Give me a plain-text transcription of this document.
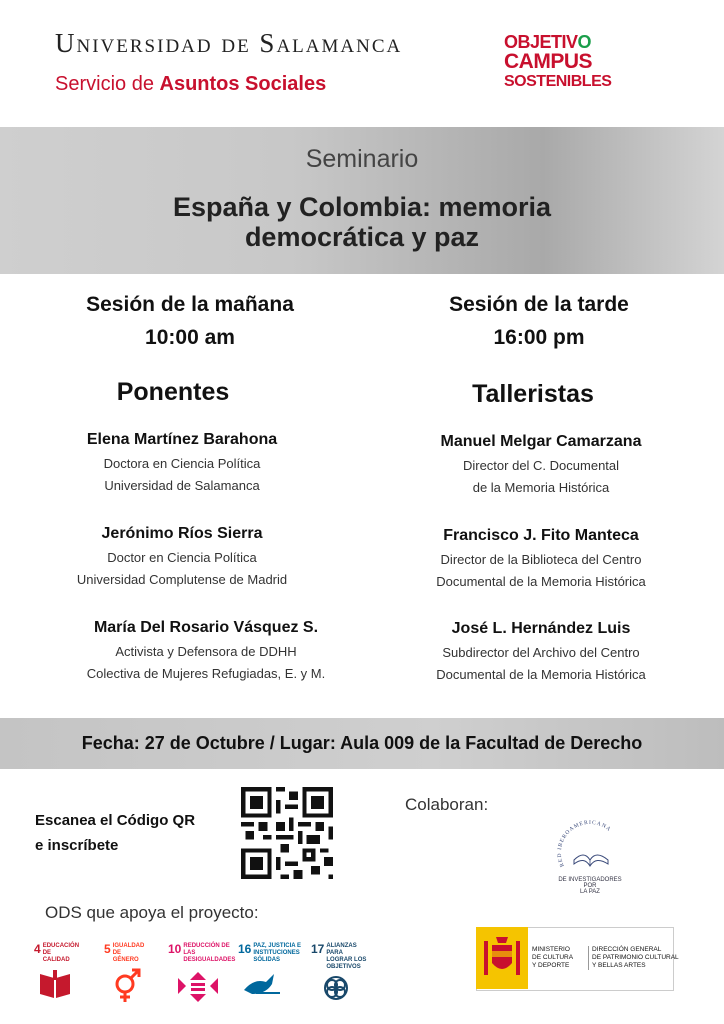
Universidad de Salamanca
Servicio de Asuntos Sociales
OBJETIVO
CAMPUS
SOSTENIBLES
Seminario
España y Colombia: memoria
democrática y paz
Sesión de la mañana
10:00 am
Ponentes
Elena Martínez Barahona
Doctora en Ciencia Política
Universidad de Salamanca
Jerónimo Ríos Sierra
Doctor en Ciencia Política
Universidad Complutense de Madrid
María Del Rosario Vásquez S.
Activista y Defensora de DDHH
Colectiva de Mujeres Refugiadas, E. y M.
Sesión de la tarde
16:00 pm
Talleristas
Manuel Melgar Camarzana
Director del C. Documental
de la Memoria Histórica
Francisco J. Fito Manteca
Director de la Biblioteca del Centro
Documental de la Memoria Histórica
José L. Hernández Luis
Subdirector del Archivo del Centro
Documental de la Memoria Histórica
Fecha: 27 de Octubre / Lugar: Aula 009 de la Facultad de Derecho
Escanea el Código QR
e inscríbete
Colaboran:
RED IBEROAMERICANA
DE INVESTIGADORES POR
LA PAZ
ODS que apoya el proyecto:
4 EDUCACIÓN DE CALIDAD
5 IGUALDAD DE GÉNERO
10 REDUCCIÓN DE LAS DESIGUALDADES
16 PAZ, JUSTICIA E INSTITUCIONES SÓLIDAS
17 ALIANZAS PARA LOGRAR LOS OBJETIVOS
MINISTERIO
DE CULTURA
Y DEPORTE
DIRECCIÓN GENERAL
DE PATRIMONIO CULTURAL
Y BELLAS ARTES
